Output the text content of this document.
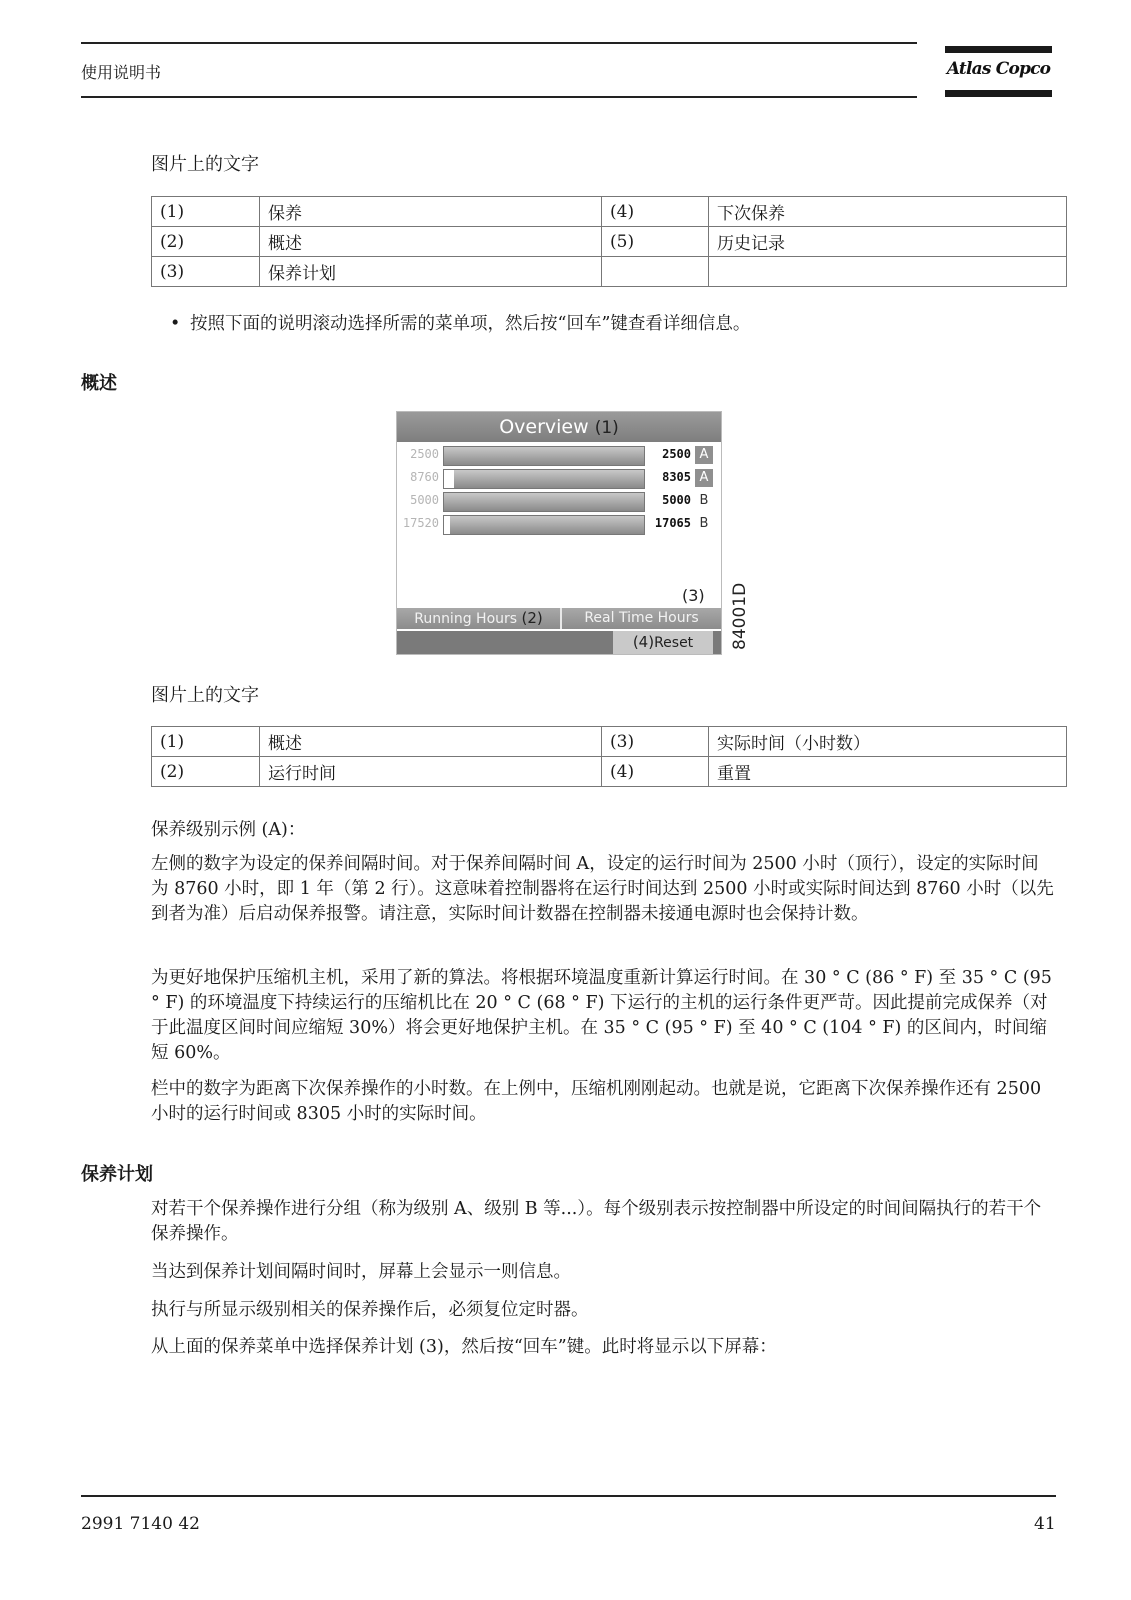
使用说明书	Atlas Copco
图片上的文字
(1)	保养	(4)	下次保养
(2)	概述	(5)	历史记录
(3)	保养计划		
• 按照下面的说明滚动选择所需的菜单项，然后按“回车”键查看详细信息。
概述
Overview (1)
2500	2500 A
8760	8305 A
5000	5000 B
17520	17065 B
(3)
Running Hours (2)	Real Time Hours
(4)Reset	84001D
图片上的文字
(1)	概述	(3)	实际时间（小时数）
(2)	运行时间	(4)	重置
保养级别示例 (A)：
左侧的数字为设定的保养间隔时间。对于保养间隔时间 A，设定的运行时间为 2500 小时（顶行），设定的实际时间为 8760 小时，即 1 年（第 2 行）。这意味着控制器将在运行时间达到 2500 小时或实际时间达到 8760 小时（以先到者为准）后启动保养报警。请注意，实际时间计数器在控制器未接通电源时也会保持计数。
为更好地保护压缩机主机，采用了新的算法。将根据环境温度重新计算运行时间。在 30 ° C (86 ° F) 至 35 ° C (95 ° F) 的环境温度下持续运行的压缩机比在 20 ° C (68 ° F) 下运行的主机的运行条件更严苛。因此提前完成保养（对于此温度区间时间应缩短 30%）将会更好地保护主机。在 35 ° C (95 ° F) 至 40 ° C (104 ° F) 的区间内，时间缩短 60%。
栏中的数字为距离下次保养操作的小时数。在上例中，压缩机刚刚起动。也就是说，它距离下次保养操作还有 2500 小时的运行时间或 8305 小时的实际时间。
保养计划
对若干个保养操作进行分组（称为级别 A、级别 B 等...）。每个级别表示按控制器中所设定的时间间隔执行的若干个保养操作。
当达到保养计划间隔时间时，屏幕上会显示一则信息。
执行与所显示级别相关的保养操作后，必须复位定时器。
从上面的保养菜单中选择保养计划 (3)，然后按“回车”键。此时将显示以下屏幕：
2991 7140 42	41
